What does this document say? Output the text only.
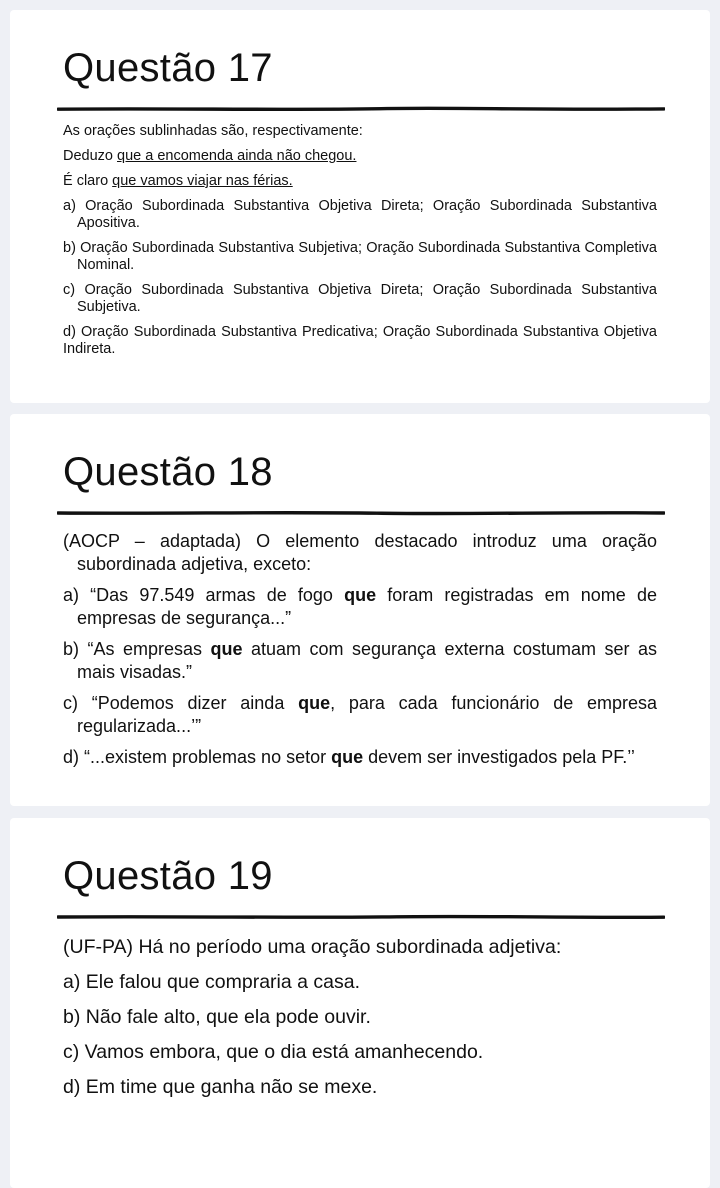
Questão 17

As orações sublinhadas são, respectivamente:

Deduzo que a encomenda ainda não chegou.

É claro que vamos viajar nas férias.

a) Oração Subordinada Substantiva Objetiva Direta; Oração Subordinada Substantiva Apositiva.

b) Oração Subordinada Substantiva Subjetiva; Oração Subordinada Substantiva Completiva Nominal.

c) Oração Subordinada Substantiva Objetiva Direta; Oração Subordinada Substantiva Subjetiva.

d) Oração Subordinada Substantiva Predicativa; Oração Subordinada Substantiva Objetiva Indireta.

Questão 18

(AOCP – adaptada) O elemento destacado introduz uma oração subordinada adjetiva, exceto:

a) “Das 97.549 armas de fogo que foram registradas em nome de empresas de segurança...”

b) “As empresas que atuam com segurança externa costumam ser as mais visadas.”

c) “Podemos dizer ainda que, para cada funcionário de empresa regularizada...’”

d) “...existem problemas no setor que devem ser investigados pela PF.’’

Questão 19

(UF-PA) Há no período uma oração subordinada adjetiva:

a) Ele falou que compraria a casa.

b) Não fale alto, que ela pode ouvir.

c) Vamos embora, que o dia está amanhecendo.

d) Em time que ganha não se mexe.
